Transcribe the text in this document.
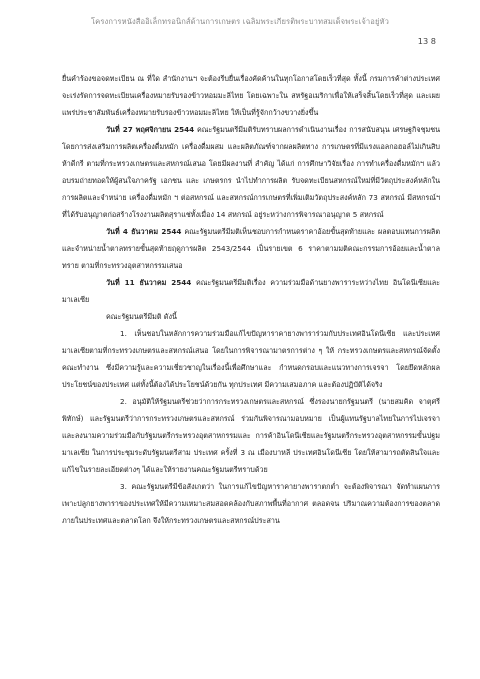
โครงการหนังสืออิเล็กทรอนิกส์ด้านการเกษตร เฉลิมพระเกียรติพระบาทสมเด็จพระเจ้าอยู่หัว
13 8

ยื่นคำร้องขอจดทะเบียน ณ ที่ใด สำนักงานฯ จะต้องรีบยื่นเรื่องคัดค้านในทุกโอกาสโดยเร็วที่สุด ทั้งนี้ กรมการค้าต่างประเทศจะเร่งรัดการจดทะเบียนเครื่องหมายรับรองข้าวหอมมะลิไทย โดยเฉพาะใน สหรัฐอเมริกาเพื่อให้เสร็จสิ้นโดยเร็วที่สุด และเผยแพร่ประชาสัมพันธ์เครื่องหมายรับรองข้าวหอมมะลิไทย ให้เป็นที่รู้จักกว้างขวางยิ่งขึ้น

วันที่ 27 พฤศจิกายน 2544 คณะรัฐมนตรีมีมติรับทราบผลการดำเนินงานเรื่อง การสนับสนุน เศรษฐกิจชุมชนโดยการส่งเสริมการผลิตเครื่องดื่มหมัก เครื่องดื่มผสม และผลิตภัณฑ์จากผลผลิตทาง การเกษตรที่มีแรงแอลกอฮอล์ไม่เกินสิบห้าดีกรี ตามที่กระทรวงเกษตรและสหกรณ์เสนอ โดยมีผลงานที่ สำคัญ ได้แก่ การศึกษาวิจัยเรื่อง การทำเครื่องดื่มหมักฯ แล้วอบรมถ่ายทอดให้ผู้สนใจภาครัฐ เอกชน และ เกษตรกร นำไปทำการผลิต รับจดทะเบียนสหกรณ์ใหม่ที่มีวัตถุประสงค์หลักในการผลิตและจำหน่าย เครื่องดื่มหมัก ฯ ต่อสหกรณ์ และสหกรณ์การเกษตรที่เพิ่มเติมวัตถุประสงค์หลัก 73 สหกรณ์ มีสหกรณ์ฯ ที่ได้รับอนุญาตก่อสร้างโรงงานผลิตสุราแช่ทั้งเมื่อง 14 สหกรณ์ อยู่ระหว่างการพิจารณาอนุญาต 5 สหกรณ์

วันที่ 4 ธันวาคม 2544 คณะรัฐมนตรีมีมติเห็นชอบการกำหนดราคาอ้อยขั้นสุดท้ายและ ผลตอบแทนการผลิตและจำหน่ายน้ำตาลทรายขั้นสุดท้ายฤดูการผลิต 2543/2544 เป็นรายเขต 6 ราคาตามมติคณะกรรมการอ้อยและน้ำตาลทราย ตามที่กระทรวงอุตสาหกรรมเสนอ

วันที่ 11 ธันวาคม 2544 คณะรัฐมนตรีมีมติเรื่อง ความร่วมมือด้านยางพาราระหว่างไทย อินโดนีเซียและมาเลเซีย

คณะรัฐมนตรีมีมติ ดังนี้

1. เห็นชอบในหลักการความร่วมมือแก้ไขปัญหาราคายางพาราร่วมกับประเทศอินโดนีเซีย และประเทศมาเลเซียตามที่กระทรวงเกษตรและสหกรณ์เสนอ โดยในการพิจารณามาตรการต่าง ๆ ให้ กระทรวงเกษตรและสหกรณ์จัดตั้งคณะทำงาน ซึ่งมีความรู้และความเชี่ยวชาญในเรื่องนี้เพื่อศึกษาและ กำหนดกรอบและแนวทางการเจรจา โดยยึดหลักผลประโยชน์ของประเทศ แต่ทั้งนี้ต้องได้ประโยชน์ด้วยกัน ทุกประเทศ มีความเสมอภาค และต้องปฏิบัติได้จริง

2. อนุมัติให้รัฐมนตรีช่วยว่าการกระทรวงเกษตรและสหกรณ์ ซึ่งรองนายกรัฐมนตรี (นายสมคิด จาตุศรีพิทักษ์) และรัฐมนตรีว่าการกระทรวงเกษตรและสหกรณ์ ร่วมกันพิจารณามอบหมาย เป็นผู้แทนรัฐบาลไทยในการไปเจรจา และลงนามความร่วมมือกับรัฐมนตรีกระทรวงอุตสาหกรรมและ การค้าอินโดนีเซียและรัฐมนตรีกระทรวงอุตสาหกรรมขั้นปฐมมาเลเซีย ในการประชุมระดับรัฐมนตรีสาม ประเทศ ครั้งที่ 3 ณ เมืองบาหลี ประเทศอินโดนีเซีย โดยให้สามารถตัดสินใจและแก้ไขในรายละเอียดต่างๆ ได้และให้รายงานคณะรัฐมนตรีทราบด้วย

3. คณะรัฐมนตรีมีข้อสังเกตว่า ในการแก้ไขปัญหาราคายางพาราตกต่ำ จะต้องพิจารณา จัดทำแผนการเพาะปลูกยางพาราของประเทศให้มีความเหมาะสมสอดคล้องกับสภาพพื้นที่อากาศ ตลอดจน ปริมาณความต้องการของตลาดภายในประเทศและตลาดโลก จึงให้กระทรวงเกษตรและสหกรณ์ประสาน
